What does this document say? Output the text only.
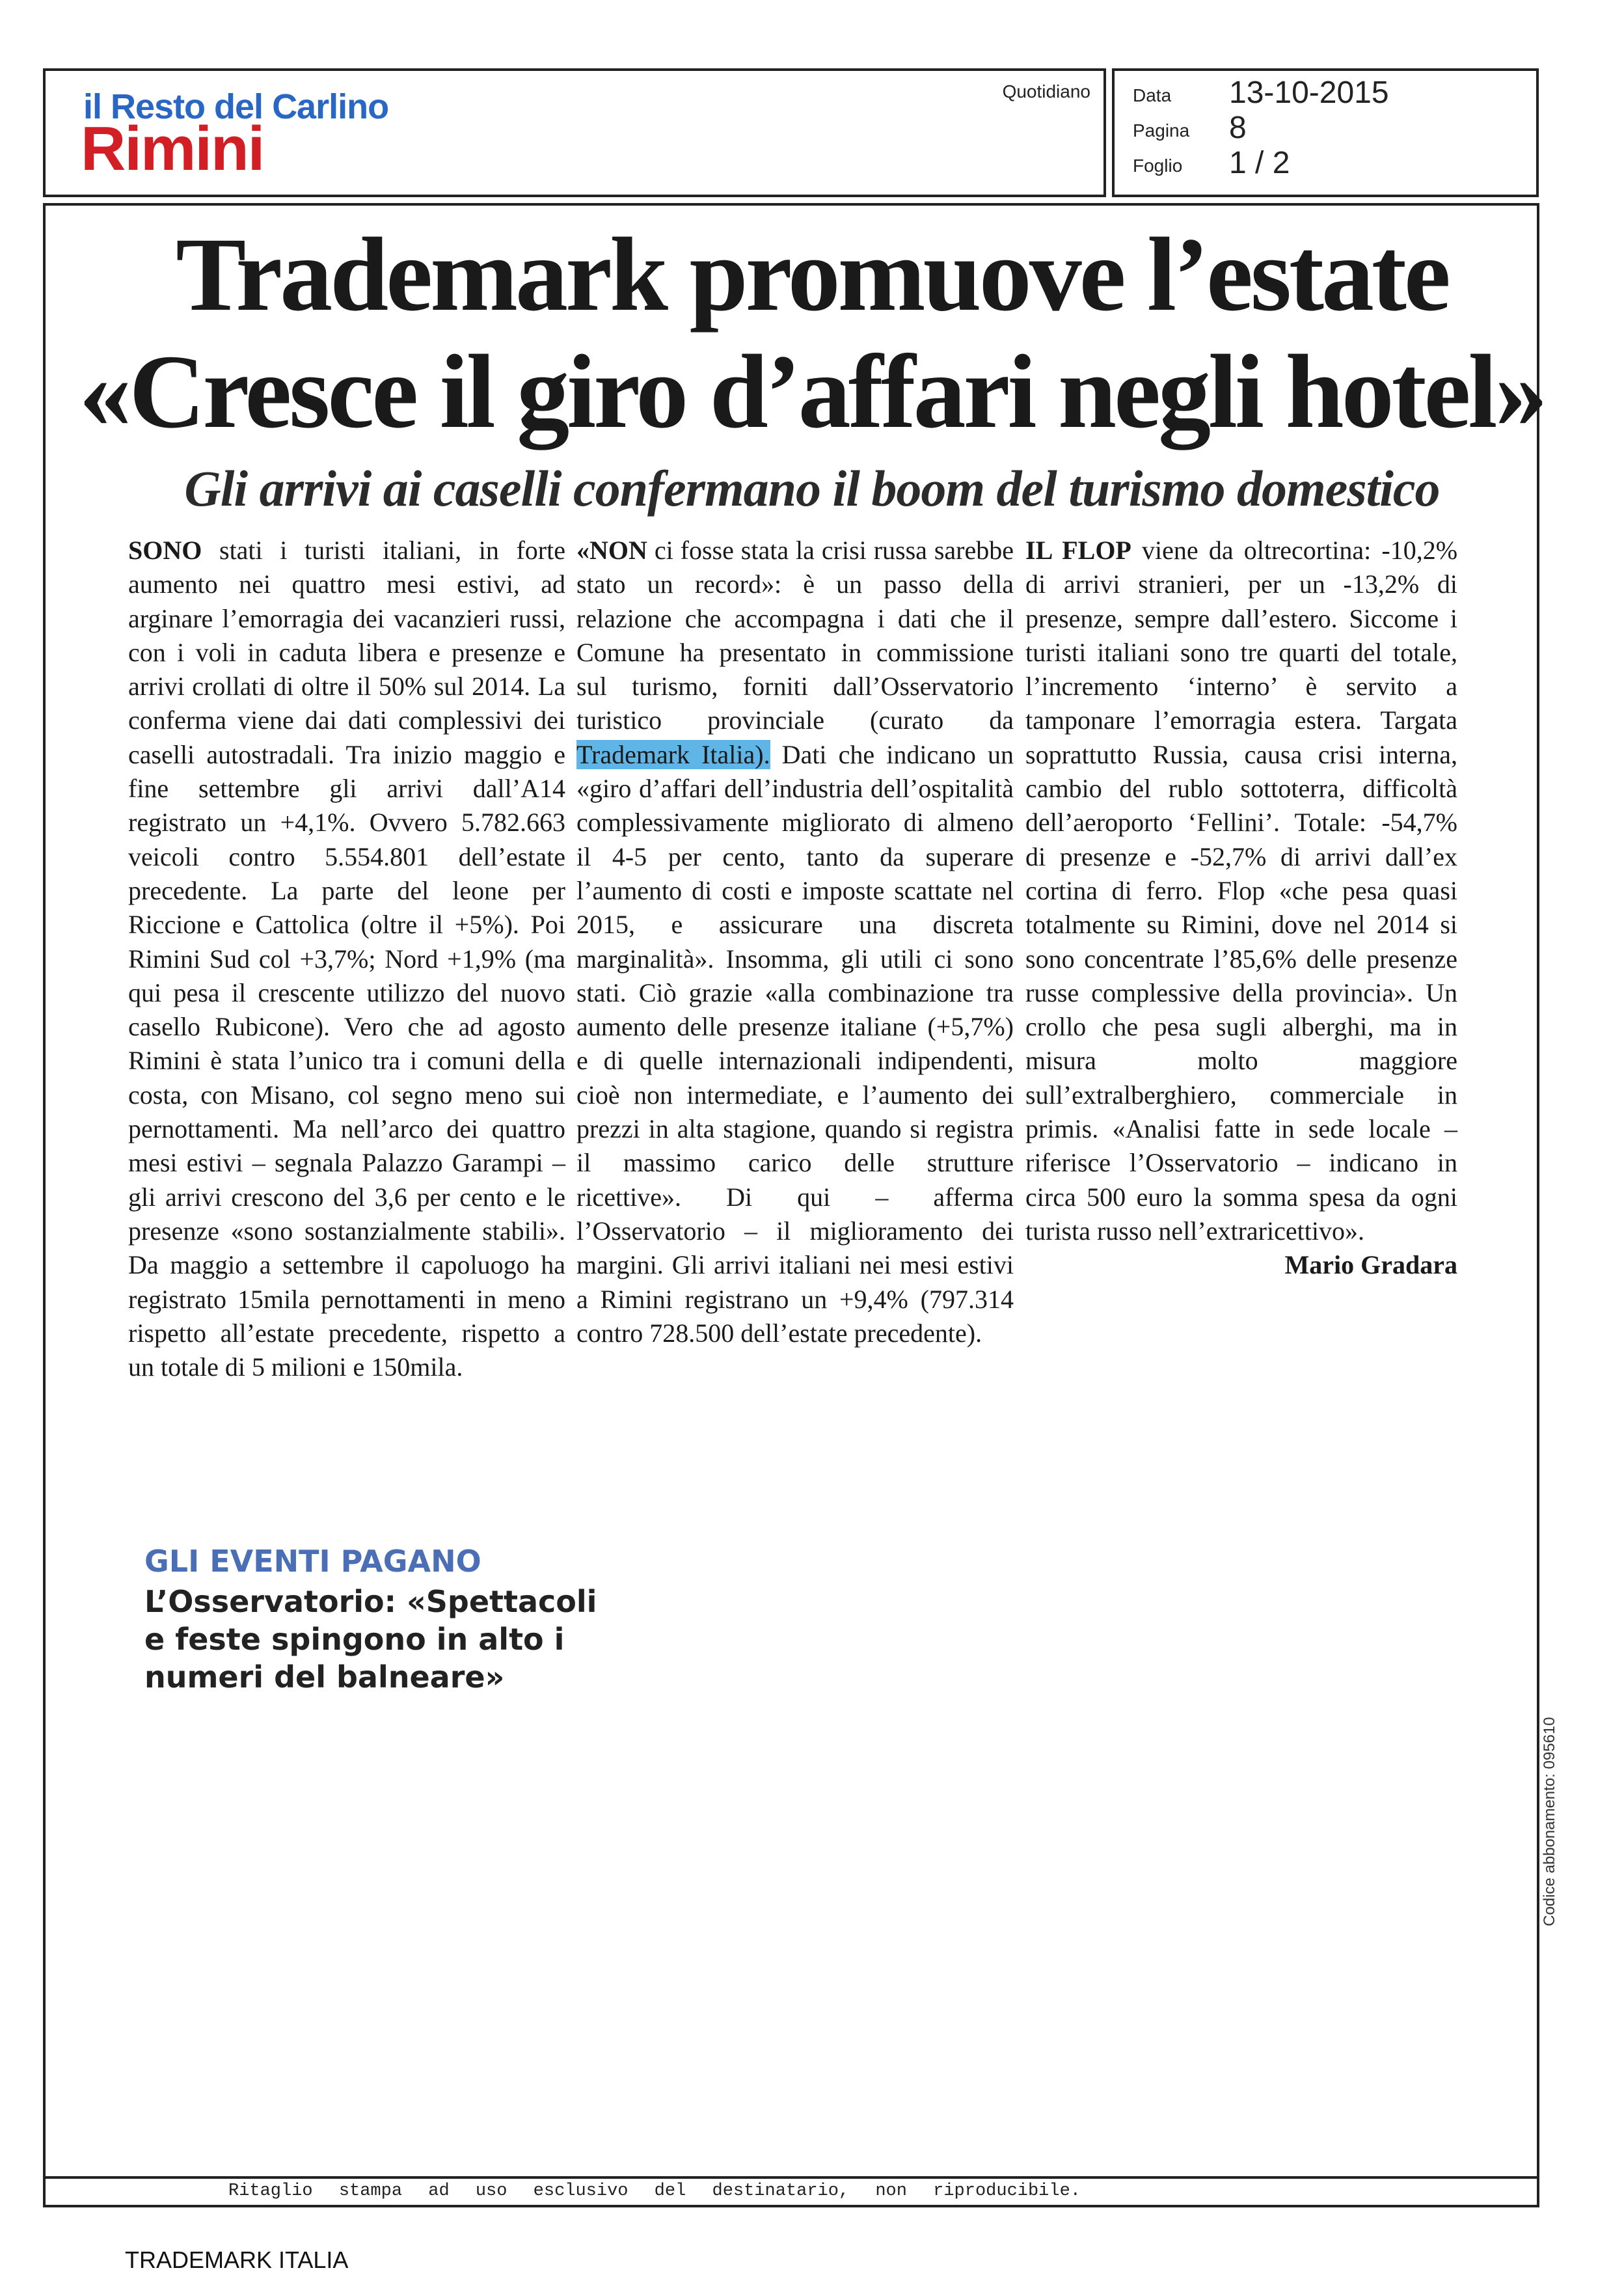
il Resto del Carlino
Rimini
Quotidiano Data 13-10-2015
Pagina 8
Foglio 1 / 2
Trademark promuove l’estate
«Cresce il giro d’affari negli hotel»
Gli arrivi ai caselli confermano il boom del turismo domestico

SONO stati i turisti italiani, in forte aumento nei quattro mesi estivi, ad arginare l’emorragia dei vacanzieri russi, con i voli in caduta libera e presenze e arrivi crollati di oltre il 50% sul 2014. La conferma viene dai dati complessivi dei caselli autostradali. Tra inizio maggio e fine settembre gli arrivi dall’A14 registrato un +4,1%. Ovvero 5.782.663 veicoli contro 5.554.801 dell’estate precedente. La parte del leone per Riccione e Cattolica (oltre il +5%). Poi Rimini Sud col +3,7%; Nord +1,9% (ma qui pesa il crescente utilizzo del nuovo casello Rubicone). Vero che ad agosto Rimini è stata l’unico tra i comuni della costa, con Misano, col segno meno sui pernottamenti. Ma nell’arco dei quattro mesi estivi – segnala Palazzo Garampi – gli arrivi crescono del 3,6 per cento e le presenze «sono sostanzialmente stabili». Da maggio a settembre il capoluogo ha registrato 15mila pernottamenti in meno rispetto all’estate precedente, rispetto a un totale di 5 milioni e 150mila.

«NON ci fosse stata la crisi russa sarebbe stato un record»: è un passo della relazione che accompagna i dati che il Comune ha presentato in commissione sul turismo, forniti dall’Osservatorio turistico provinciale (curato da Trademark Italia). Dati che indicano un «giro d’affari dell’industria dell’ospitalità complessivamente migliorato di almeno il 4-5 per cento, tanto da superare l’aumento di costi e imposte scattate nel 2015, e assicurare una discreta marginalità». Insomma, gli utili ci sono stati. Ciò grazie «alla combinazione tra aumento delle presenze italiane (+5,7%) e di quelle internazionali indipendenti, cioè non intermediate, e l’aumento dei prezzi in alta stagione, quando si registra il massimo carico delle strutture ricettive». Di qui – afferma l’Osservatorio – il miglioramento dei margini. Gli arrivi italiani nei mesi estivi a Rimini registrano un +9,4% (797.314 contro 728.500 dell’estate precedente).

IL FLOP viene da oltrecortina: -10,2% di arrivi stranieri, per un -13,2% di presenze, sempre dall’estero. Siccome i turisti italiani sono tre quarti del totale, l’incremento ‘interno’ è servito a tamponare l’emorragia estera. Targata soprattutto Russia, causa crisi interna, cambio del rublo sottoterra, difficoltà dell’aeroporto ‘Fellini’. Totale: -54,7% di presenze e -52,7% di arrivi dall’ex cortina di ferro. Flop «che pesa quasi totalmente su Rimini, dove nel 2014 si sono concentrate l’85,6% delle presenze russe complessive della provincia». Un crollo che pesa sugli alberghi, ma in misura molto maggiore sull’extralberghiero, commerciale in primis. «Analisi fatte in sede locale – riferisce l’Osservatorio – indicano in circa 500 euro la somma spesa da ogni turista russo nell’extraricettivo».

Mario Gradara

GLI EVENTI PAGANO
L’Osservatorio: «Spettacoli e feste spingono in alto i numeri del balneare»
Ritaglio stampa ad uso esclusivo del destinatario, non riproducibile.
Codice abbonamento: 095610
TRADEMARK ITALIA
